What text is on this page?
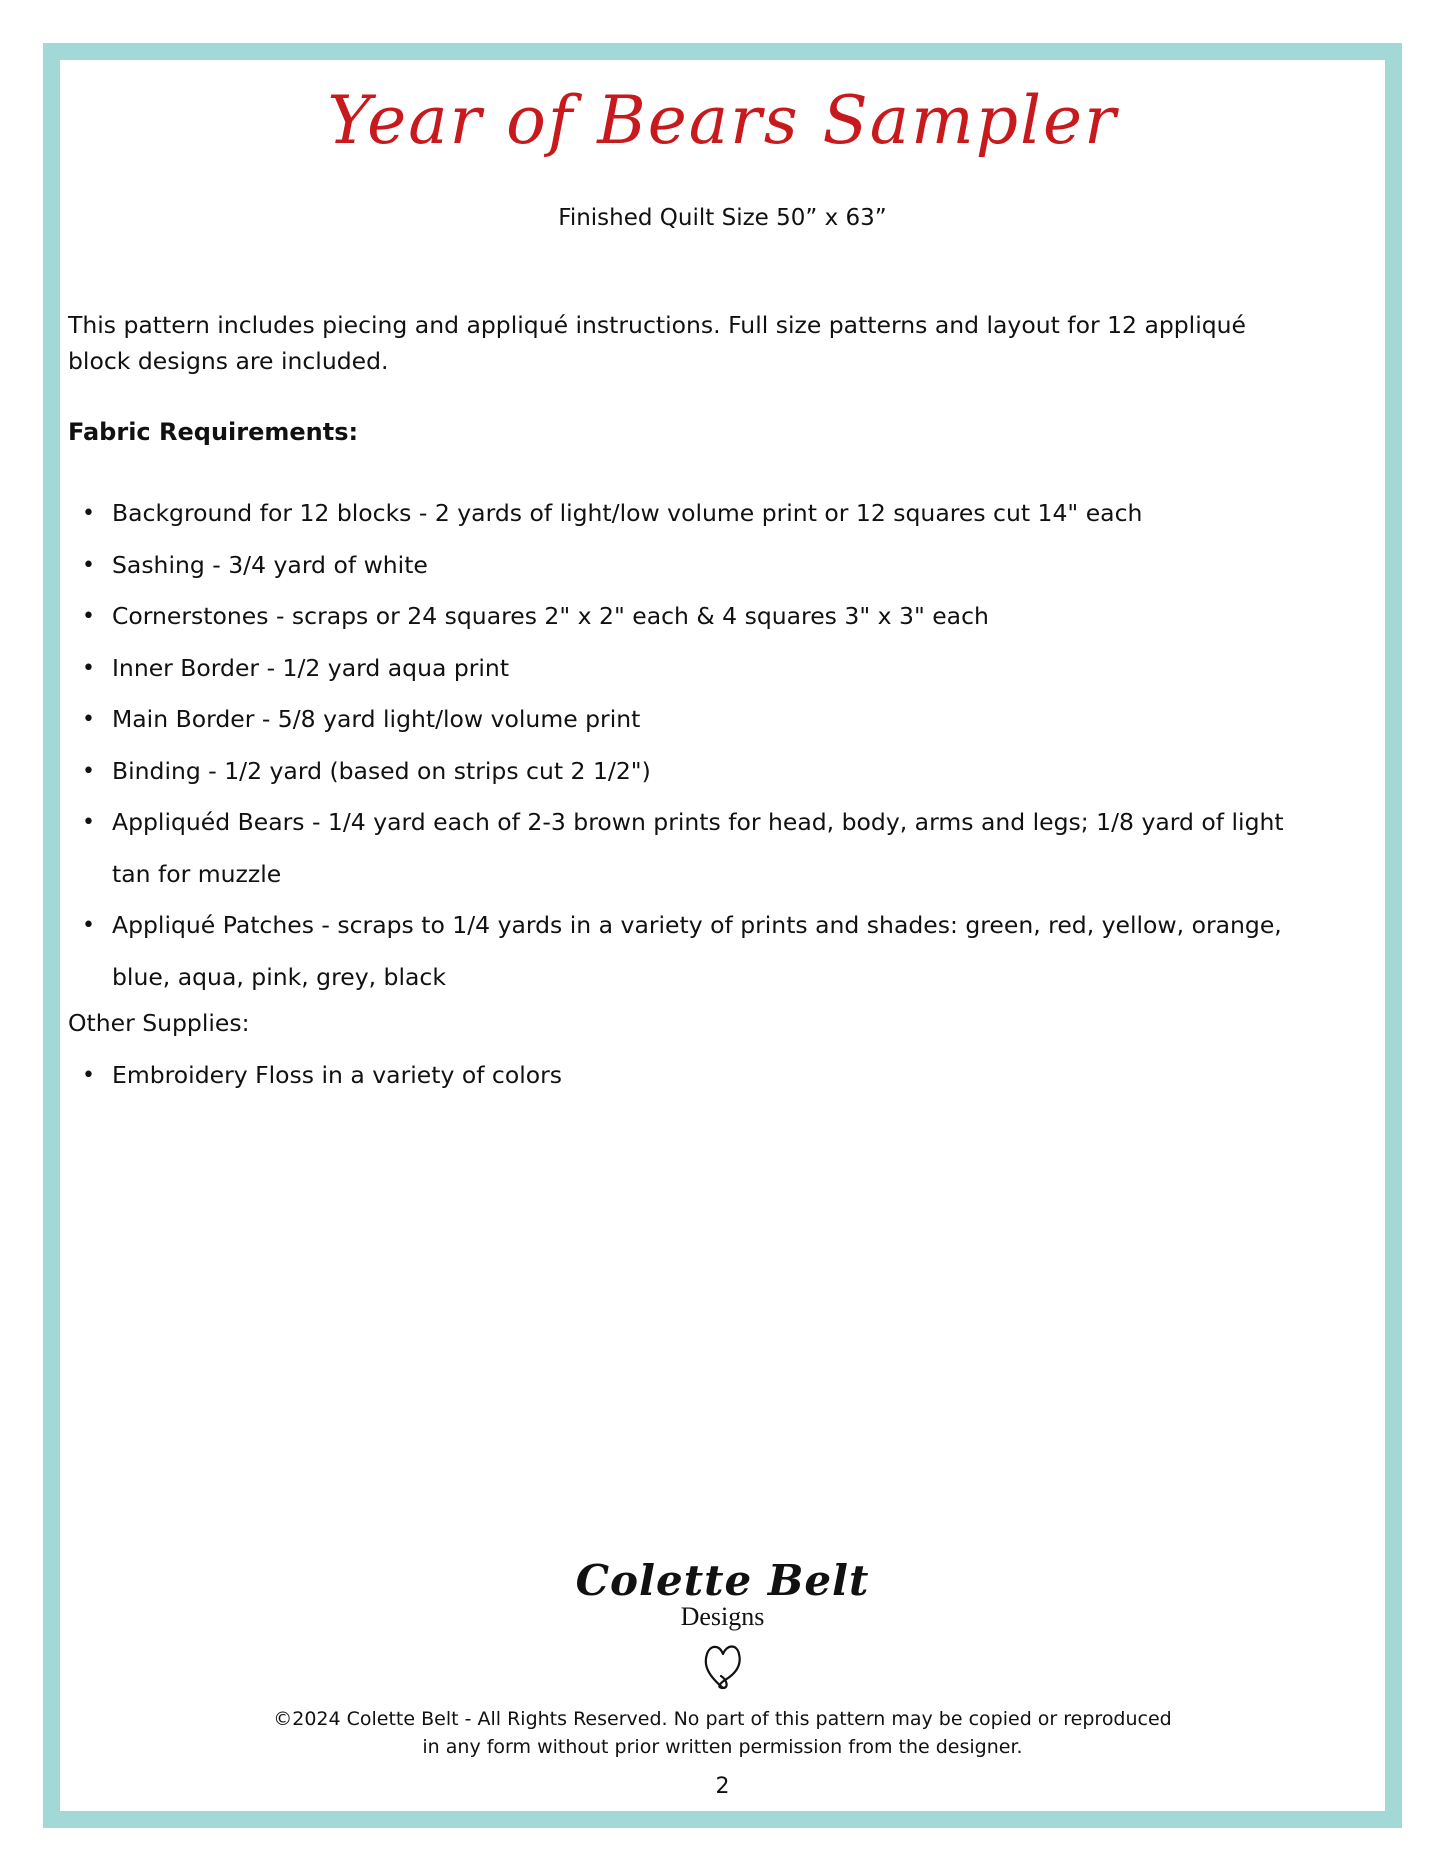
Year of Bears Sampler
Finished Quilt Size 50” x 63”
This pattern includes piecing and appliqué instructions. Full size patterns and layout for 12 appliqué block designs are included.
Fabric Requirements:
• Background for 12 blocks - 2 yards of light/low volume print or 12 squares cut 14" each
• Sashing - 3/4 yard of white
• Cornerstones - scraps or 24 squares 2" x 2" each & 4 squares 3" x 3" each
• Inner Border - 1/2 yard aqua print
• Main Border - 5/8 yard light/low volume print
• Binding - 1/2 yard (based on strips cut 2 1/2")
• Appliquéd Bears - 1/4 yard each of 2-3 brown prints for head, body, arms and legs; 1/8 yard of light tan for muzzle
• Appliqué Patches - scraps to 1/4 yards in a variety of prints and shades: green, red, yellow, orange, blue, aqua, pink, grey, black
Other Supplies:
• Embroidery Floss in a variety of colors
Colette Belt
Designs
©2024 Colette Belt - All Rights Reserved. No part of this pattern may be copied or reproduced
in any form without prior written permission from the designer.
2
